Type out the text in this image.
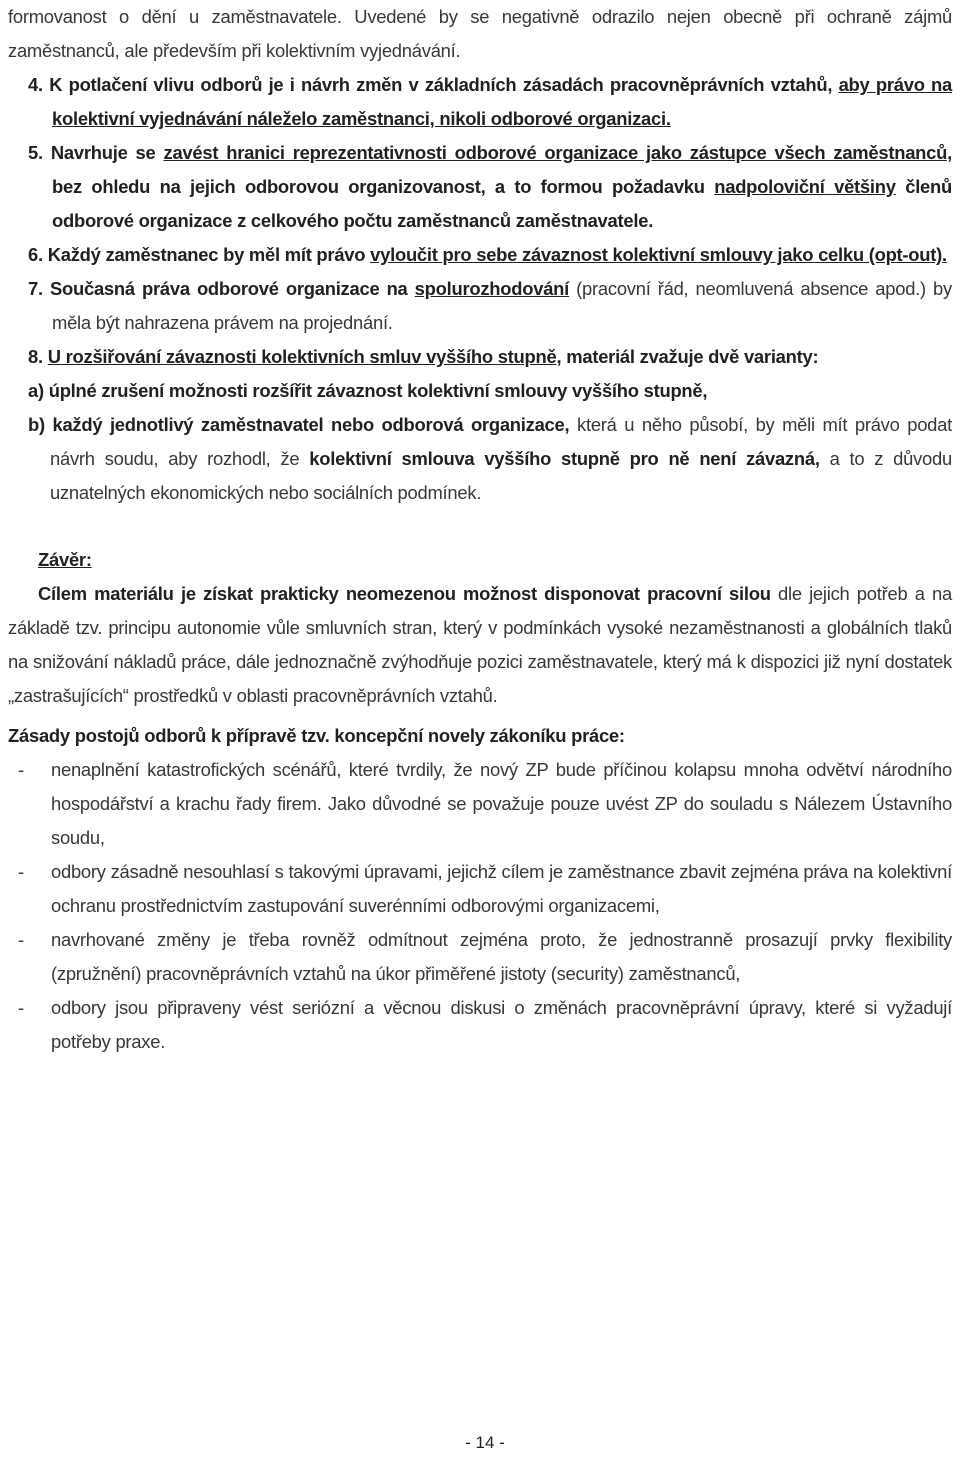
formovanost o dění u zaměstnavatele. Uvedené by se negativně odrazilo nejen obecně při ochraně zájmů zaměstnanců, ale především při kolektivním vyjednávání.

4. K potlačení vlivu odborů je i návrh změn v základních zásadách pracovněprávních vztahů, aby právo na kolektivní vyjednávání náleželo zaměstnanci, nikoli odborové organizaci.

5. Navrhuje se zavést hranici reprezentativnosti odborové organizace jako zástupce všech zaměstnanců, bez ohledu na jejich odborovou organizovanost, a to formou požadavku nadpoloviční většiny členů odborové organizace z celkového počtu zaměstnanců zaměstnavatele.

6. Každý zaměstnanec by měl mít právo vyloučit pro sebe závaznost kolektivní smlouvy jako celku (opt-out).

7. Současná práva odborové organizace na spolurozhodování (pracovní řád, neomluvená absence apod.) by měla být nahrazena právem na projednání.

8. U rozšiřování závaznosti kolektivních smluv vyššího stupně, materiál zvažuje dvě varianty:

a) úplné zrušení možnosti rozšířit závaznost kolektivní smlouvy vyššího stupně,

b) každý jednotlivý zaměstnavatel nebo odborová organizace, která u něho působí, by měli mít právo podat návrh soudu, aby rozhodl, že kolektivní smlouva vyššího stupně pro ně není závazná, a to z důvodu uznatelných ekonomických nebo sociálních podmínek.

Závěr:

Cílem materiálu je získat prakticky neomezenou možnost disponovat pracovní silou dle jejich potřeb a na základě tzv. principu autonomie vůle smluvních stran, který v podmínkách vysoké nezaměstnanosti a globálních tlaků na snižování nákladů práce, dále jednoznačně zvýhodňuje pozici zaměstnavatele, který má k dispozici již nyní dostatek „zastrašujících“ prostředků v oblasti pracovněprávních vztahů.

Zásady postojů odborů k přípravě tzv. koncepční novely zákoníku práce:

- nenaplnění katastrofických scénářů, které tvrdily, že nový ZP bude příčinou kolapsu mnoha odvětví národního hospodářství a krachu řady firem. Jako důvodné se považuje pouze uvést ZP do souladu s Nálezem Ústavního soudu,

- odbory zásadně nesouhlasí s takovými úpravami, jejichž cílem je zaměstnance zbavit zejména práva na kolektivní ochranu prostřednictvím zastupování suverénními odborovými organizacemi,

- navrhované změny je třeba rovněž odmítnout zejména proto, že jednostranně prosazují prvky flexibility (zpružnění) pracovněprávních vztahů na úkor přiměřené jistoty (security) zaměstnanců,

- odbory jsou připraveny vést seriózní a věcnou diskusi o změnách pracovněprávní úpravy, které si vyžadují potřeby praxe.

- 14 -
